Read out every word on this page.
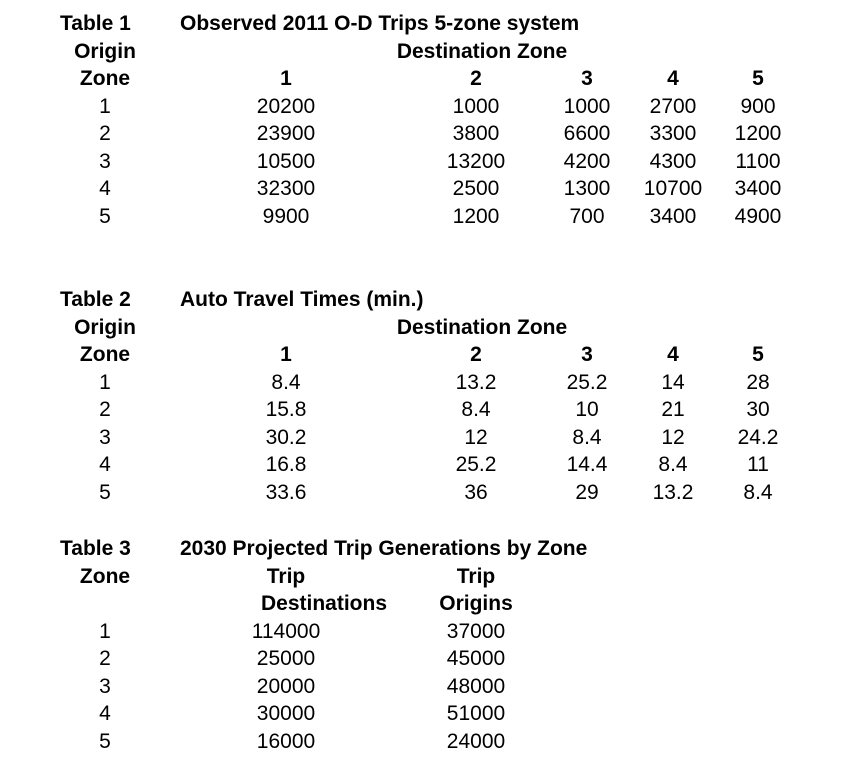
Table 1 Observed 2011 O-D Trips 5-zone system
Origin	Destination Zone
Zone	1	2	3	4	5
1	20200	1000	1000 2700 900
2	23900	3800	6600 3300 1200
3	10500	13200	4200 4300 1100
4	32300	2500	1300 10700 3400
5	9900	1200	700 3400 4900
Table 2 Auto Travel Times (min.)
Origin	Destination Zone
Zone	1	2	3	4	5
1	8.4	13.2	25.2	14	28
2	15.8	8.4	10	21	30
3	30.2	12	8.4	12	24.2
4	16.8	25.2	14.4 8.4	11
5	33.6	36	29	13.2 8.4
Table 3 2030 Projected Trip Generations by Zone
Zone	Trip
Destinations
Trip
Origins
1	114000	37000
2	25000	45000
3	20000	48000
4	30000	51000
5	16000	24000
